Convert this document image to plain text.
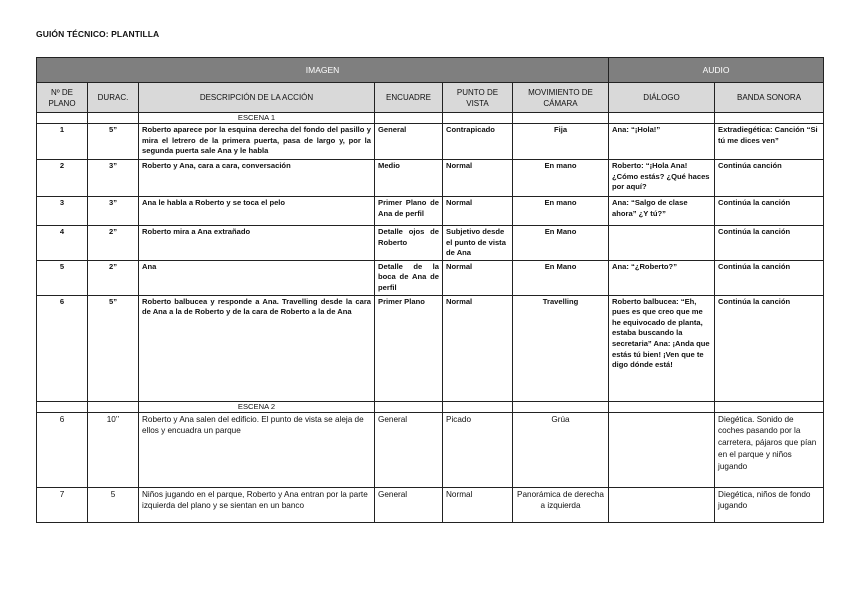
GUIÓN TÉCNICO: PLANTILLA
IMAGEN						AUDIO	
Nº DE PLANO	DURAC.	DESCRIPCIÓN DE LA ACCIÓN	ENCUADRE	PUNTO DE VISTA	MOVIMIENTO DE CÁMARA	DIÁLOGO	BANDA SONORA
		ESCENA 1					
1	5”	Roberto aparece por la esquina derecha del fondo del pasillo y mira el letrero de la primera puerta, pasa de largo y, por la segunda puerta sale Ana y le habla	General	Contrapicado	Fija	Ana: “¡Hola!”	Extradiegética: Canción “Si tú me dices ven”
2	3”	Roberto y Ana, cara a cara, conversación	Medio	Normal	En mano	Roberto: “¡Hola Ana! ¿Cómo estás? ¿Qué haces por aquí?	Continúa canción
3	3”	Ana le habla a Roberto y se toca el pelo	Primer Plano de Ana de perfil	Normal	En mano	Ana: “Salgo de clase ahora” ¿Y tú?”	Continúa la canción
4	2”	Roberto mira a Ana extrañado	Detalle ojos de Roberto	Subjetivo desde el punto de vista de Ana	En Mano		Continúa la canción
5	2”	Ana	Detalle de la boca de Ana de perfil	Normal	En Mano	Ana: “¿Roberto?”	Continúa la canción
6	5”	Roberto balbucea y responde a Ana. Travelling desde la cara de Ana a la de Roberto y de la cara de Roberto a la de Ana	Primer Plano	Normal	Travelling	Roberto balbucea: “Eh, pues es que creo que me he equivocado de planta, estaba buscando la secretaria” Ana: ¡Anda que estás tú bien! ¡Ven que te digo dónde está!	Continúa la canción
		ESCENA 2					
6	10’’	Roberto y Ana salen del edificio. El punto de vista se aleja de ellos y encuadra un parque	General	Picado	Grúa		Diegética. Sonido de coches pasando por la carretera, pájaros que pían en el parque y niños jugando
7	5	Niños jugando en el parque, Roberto y Ana entran por la parte izquierda del plano y se sientan en un banco	General	Normal	Panorámica de derecha a izquierda		Diegética, niños de fondo jugando
